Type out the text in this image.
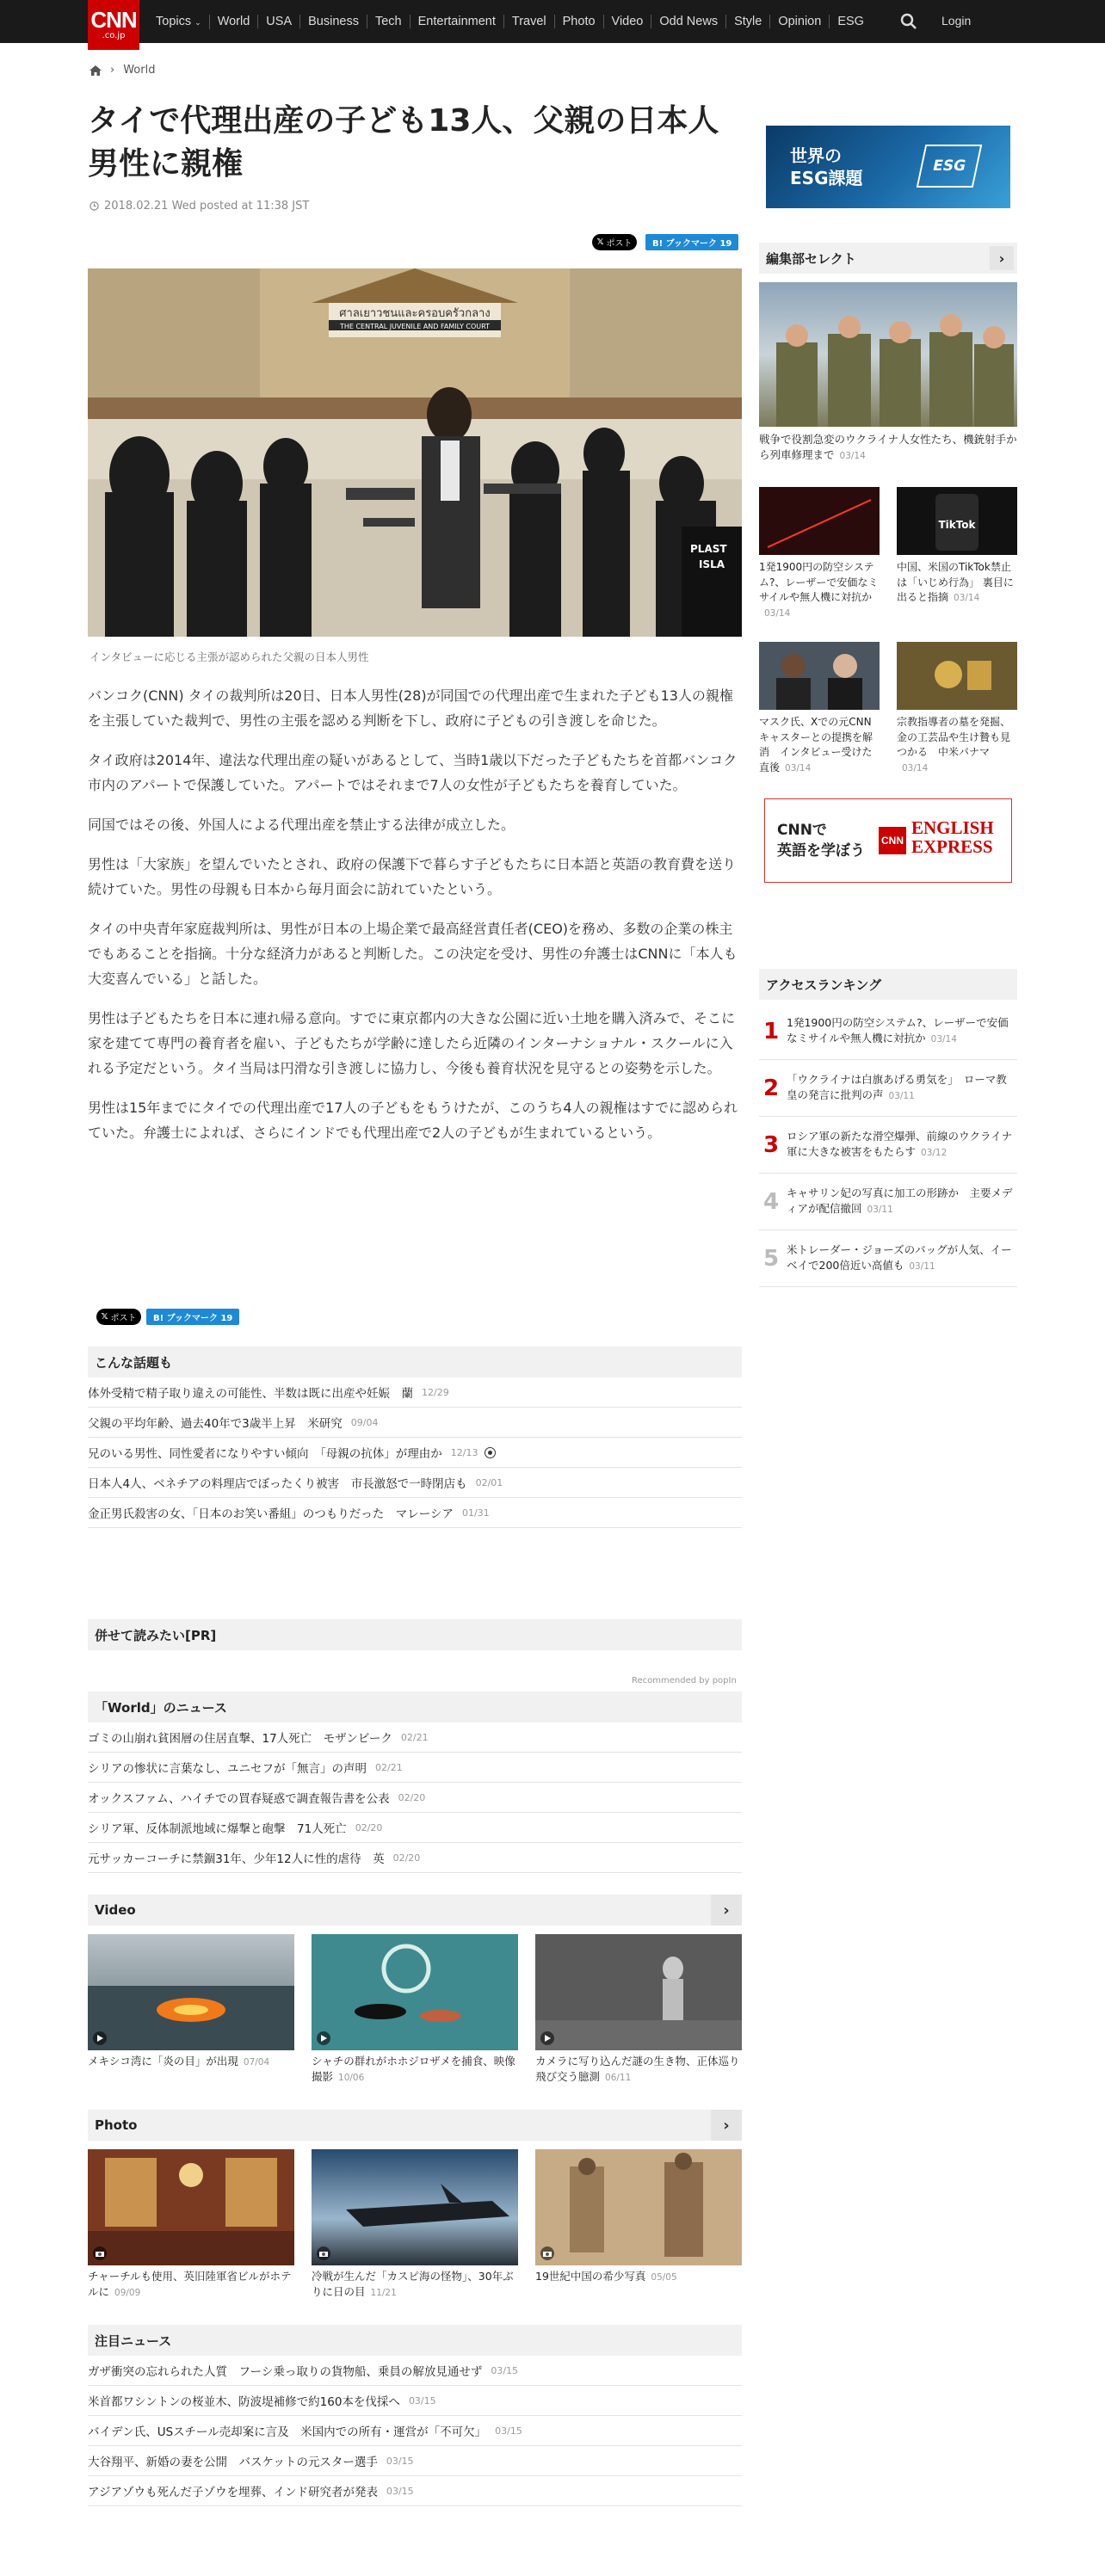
CNN
.co.jp
Topics ⌄	World	USA	Business	Tech	Entertainment	Travel	Photo	Video	Odd News	Style	Opinion	ESG	Login
› World
タイで代理出産の子ども13人、父親の日本人男性に親権
2018.02.21 Wed posted at 11:38 JST
𝕏 ポスト	B! ブックマーク 19
ศาลเยาวชนและครอบครัวกลาง
THE CENTRAL JUVENILE AND FAMILY COURT
PLAST
ISLA
インタビューに応じる主張が認められた父親の日本人男性

バンコク(CNN) タイの裁判所は20日、日本人男性(28)が同国での代理出産で生まれた子ども13人の親権を主張していた裁判で、男性の主張を認める判断を下し、政府に子どもの引き渡しを命じた。

タイ政府は2014年、違法な代理出産の疑いがあるとして、当時1歳以下だった子どもたちを首都バンコク市内のアパートで保護していた。アパートではそれまで7人の女性が子どもたちを養育していた。

同国ではその後、外国人による代理出産を禁止する法律が成立した。

男性は「大家族」を望んでいたとされ、政府の保護下で暮らす子どもたちに日本語と英語の教育費を送り続けていた。男性の母親も日本から毎月面会に訪れていたという。

タイの中央青年家庭裁判所は、男性が日本の上場企業で最高経営責任者(CEO)を務め、多数の企業の株主でもあることを指摘。十分な経済力があると判断した。この決定を受け、男性の弁護士はCNNに「本人も大変喜んでいる」と話した。

男性は子どもたちを日本に連れ帰る意向。すでに東京都内の大きな公園に近い土地を購入済みで、そこに家を建てて専門の養育者を雇い、子どもたちが学齢に達したら近隣のインターナショナル・スクールに入れる予定だという。タイ当局は円滑な引き渡しに協力し、今後も養育状況を見守るとの姿勢を示した。

男性は15年までにタイでの代理出産で17人の子どもをもうけたが、このうち4人の親権はすでに認められていた。弁護士によれば、さらにインドでも代理出産で2人の子どもが生まれているという。

𝕏 ポスト	B! ブックマーク 19
こんな話題も
体外受精で精子取り違えの可能性、半数は既に出産や妊娠　蘭 12/29
父親の平均年齢、過去40年で3歳半上昇　米研究 09/04
兄のいる男性、同性愛者になりやすい傾向　「母親の抗体」が理由か 12/13
日本人4人、ベネチアの料理店でぼったくり被害　市長激怒で一時閉店も 02/01
金正男氏殺害の女、「日本のお笑い番組」のつもりだった　マレーシア 01/31
併せて読みたい[PR]
Recommended by popIn
「World」のニュース
ゴミの山崩れ貧困層の住居直撃、17人死亡　モザンビーク 02/21
シリアの惨状に言葉なし、ユニセフが「無言」の声明 02/21
オックスファム、ハイチでの買春疑惑で調査報告書を公表 02/20
シリア軍、反体制派地域に爆撃と砲撃　71人死亡 02/20
元サッカーコーチに禁錮31年、少年12人に性的虐待　英 02/20
Video	›
メキシコ湾に「炎の目」が出現 07/04	シャチの群れがホホジロザメを捕食、映像撮影 10/06
カメラに写り込んだ謎の生き物、正体巡り飛び交う臆測 06/11
Photo	›
チャーチルも使用、英旧陸軍省ビルがホテルに 09/09
冷戦が生んだ「カスピ海の怪物」、30年ぶりに日の目 11/21
19世紀中国の希少写真 05/05
注目ニュース
ガザ衝突の忘れられた人質　フーシ乗っ取りの貨物船、乗員の解放見通せず 03/15
米首都ワシントンの桜並木、防波堤補修で約160本を伐採へ 03/15
バイデン氏、USスチール売却案に言及　米国内での所有・運営が「不可欠」 03/15
大谷翔平、新婚の妻を公開　バスケットの元スター選手 03/15
アジアゾウも死んだ子ゾウを埋葬、インド研究者が発表 03/15
世界の
ESG課題
ESG
編集部セレクト	›
戦争で役割急変のウクライナ人女性たち、機銃射手から列車修理まで 03/14
1発1900円の防空システム?、レーザーで安価なミサイルや無人機に対抗か03/14
TikTok
中国、米国のTikTok禁止は「いじめ行為」 裏目に出ると指摘 03/14
マスク氏、Xでの元CNNキャスターとの提携を解消　インタビュー受けた直後 03/14
宗教指導者の墓を発掘、金の工芸品や生け贄も見つかる　中米パナマ03/14
CNNで
英語を学ぼう
CNN
ENGLISH
EXPRESS
アクセスランキング
1 1発1900円の防空システム?、レーザーで安価なミサイルや無人機に対抗か 03/14
2 「ウクライナは白旗あげる勇気を」　ローマ教皇の発言に批判の声 03/11
3 ロシア軍の新たな滑空爆弾、前線のウクライナ軍に大きな被害をもたらす 03/12
4 キャサリン妃の写真に加工の形跡か　主要メディアが配信撤回 03/11
5 米トレーダー・ジョーズのバッグが人気、イーベイで200倍近い高値も 03/11
